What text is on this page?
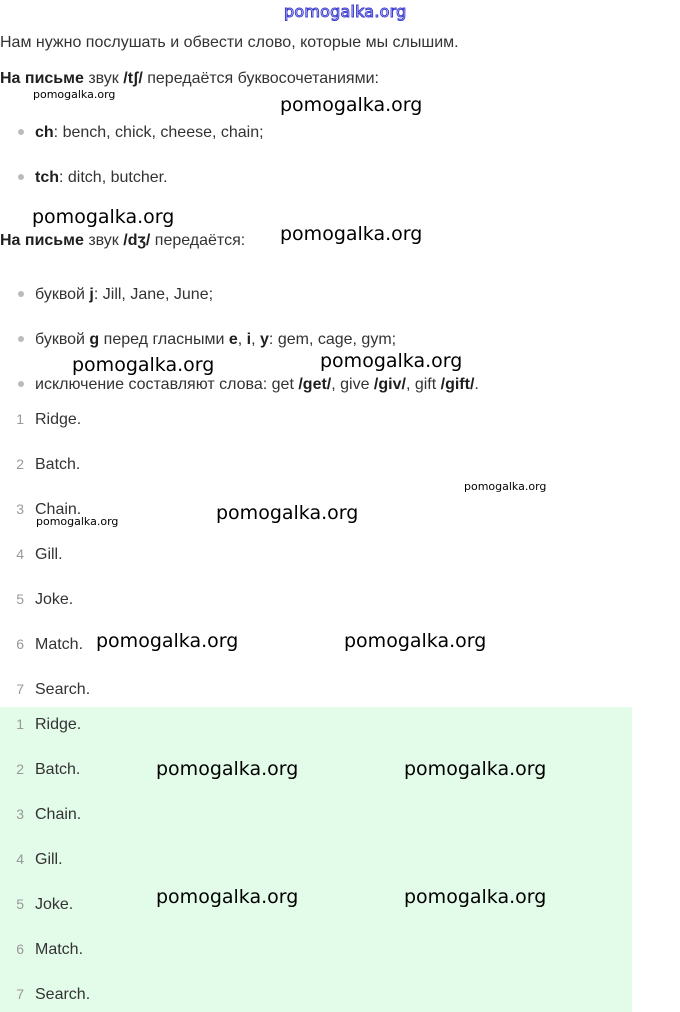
pomogalka.org
Нам нужно послушать и обвести слово, которые мы слышим.
На письме звук /tʃ/ передаётся буквосочетаниями:
ch: bench, chick, cheese, chain;
tch: ditch, butcher.
На письме звук /dʒ/ передаётся:
буквой j: Jill, Jane, June;
буквой g перед гласными e, i, y: gem, cage, gym;
исключение составляют слова: get /get/, give /giv/, gift /gift/.
1 Ridge.
2 Batch.
3 Chain.
4 Gill.
5 Joke.
6 Match.
7 Search.
1 Ridge.
2 Batch.
3 Chain.
4 Gill.
5 Joke.
6 Match.
7 Search.
pomogalka.org	pomogalka.org
pomogalka.org
pomogalka.org
pomogalka.org	pomogalka.org
pomogalka.org
pomogalka.org	pomogalka.org
pomogalka.org	pomogalka.org
pomogalka.org	pomogalka.org
pomogalka.org	pomogalka.org
